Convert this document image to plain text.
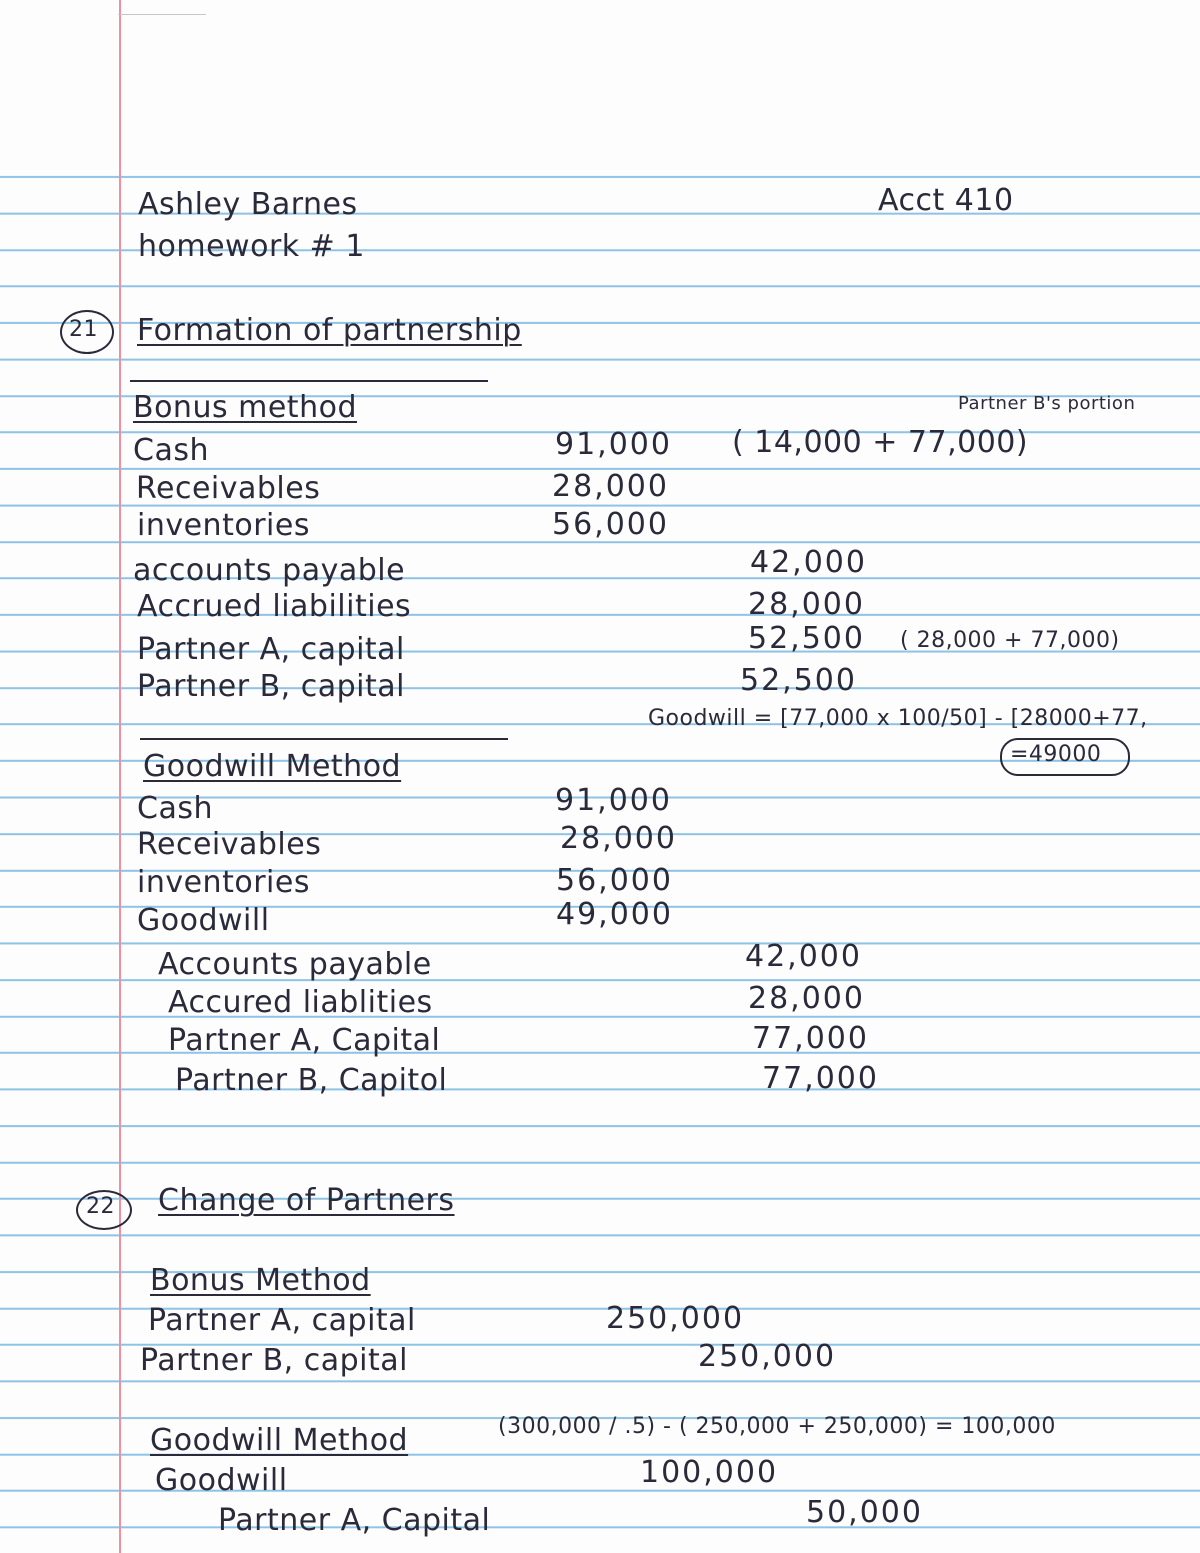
Ashley Barnes
homework # 1
Acct 410
21 Formation of partnership
Bonus method	Partner B's portion
Cash	91,000 ( 14,000 + 77,000)
Receivables	28,000
inventories	56,000
accounts payable	42,000
Accrued liabilities	28,000
Partner A, capital	52,500 ( 28,000 + 77,000)
Partner B, capital	52,500
Goodwill = [77,000 x 100/50] - [28000+77,
=49000
Goodwill Method
Cash	91,000
Receivables	28,000
inventories	56,000
Goodwill	49,000
Accounts payable	42,000
Accured liablities	28,000
Partner A, Capital	77,000
Partner B, Capitol	77,000
22 Change of Partners
Bonus Method
Partner A, capital	250,000
Partner B, capital	250,000
Goodwill Method	(300,000 / .5) - ( 250,000 + 250,000) = 100,000
Goodwill	100,000
Partner A, Capital	50,000
